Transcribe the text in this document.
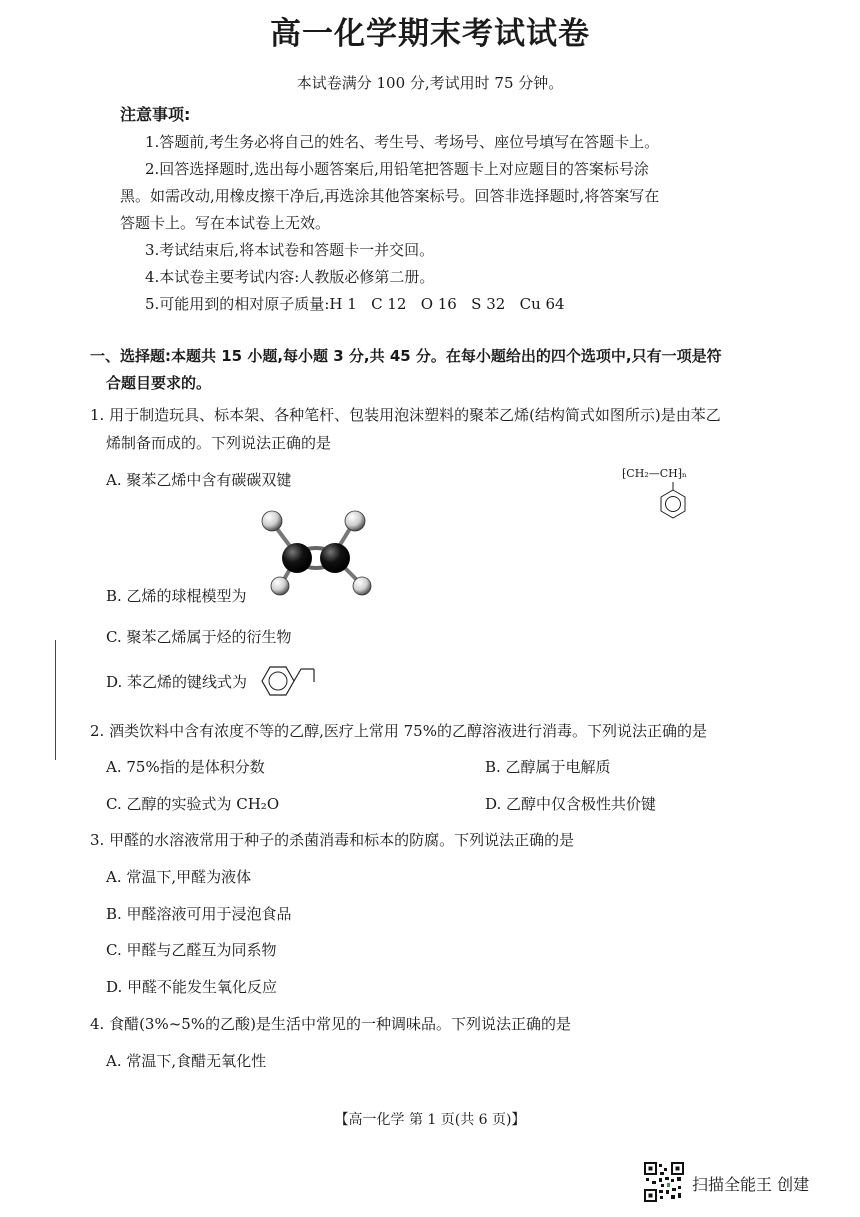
高一化学期末考试试卷
本试卷满分 100 分,考试用时 75 分钟。
注意事项:
1.答题前,考生务必将自己的姓名、考生号、考场号、座位号填写在答题卡上。
2.回答选择题时,选出每小题答案后,用铅笔把答题卡上对应题目的答案标号涂
黑。如需改动,用橡皮擦干净后,再选涂其他答案标号。回答非选择题时,将答案写在
答题卡上。写在本试卷上无效。
3.考试结束后,将本试卷和答题卡一并交回。
4.本试卷主要考试内容:人教版必修第二册。
5.可能用到的相对原子质量:H 1   C 12   O 16   S 32   Cu 64
一、选择题:本题共 15 小题,每小题 3 分,共 45 分。在每小题给出的四个选项中,只有一项是符
合题目要求的。
1. 用于制造玩具、标本架、各种笔杆、包装用泡沫塑料的聚苯乙烯(结构简式如图所示)是由苯乙
烯制备而成的。下列说法正确的是
A. 聚苯乙烯中含有碳碳双键	⁅CH₂—CH⁆ₙ
B. 乙烯的球棍模型为
C. 聚苯乙烯属于烃的衍生物
D. 苯乙烯的键线式为
2. 酒类饮料中含有浓度不等的乙醇,医疗上常用 75%的乙醇溶液进行消毒。下列说法正确的是
A. 75%指的是体积分数	B. 乙醇属于电解质
C. 乙醇的实验式为 CH₂O	D. 乙醇中仅含极性共价键
3. 甲醛的水溶液常用于种子的杀菌消毒和标本的防腐。下列说法正确的是
A. 常温下,甲醛为液体
B. 甲醛溶液可用于浸泡食品
C. 甲醛与乙醛互为同系物
D. 甲醛不能发生氧化反应
4. 食醋(3%~5%的乙酸)是生活中常见的一种调味品。下列说法正确的是
A. 常温下,食醋无氧化性
【高一化学 第 1 页(共 6 页)】
扫描全能王 创建
